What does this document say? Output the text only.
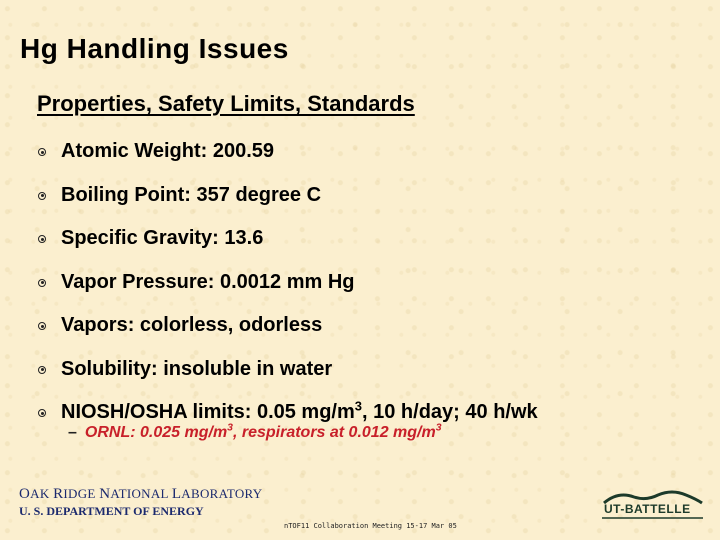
Hg Handling Issues
Properties, Safety Limits, Standards
Atomic Weight: 200.59
Boiling Point: 357 degree C
Specific Gravity: 13.6
Vapor Pressure: 0.0012 mm Hg
Vapors: colorless, odorless
Solubility: insoluble in water
NIOSH/OSHA limits: 0.05 $mg/m^3$, 10 h/day; 40 h/wk

– ORNL: 0.025 $mg/m^3$, respirators at 0.012 $mg/m^3$

OAK RIDGE NATIONAL LABORATORY
U. S. DEPARTMENT OF ENERGY
nTOF11 Collaboration Meeting 15-17 Mar 05
UT-BATTELLE
